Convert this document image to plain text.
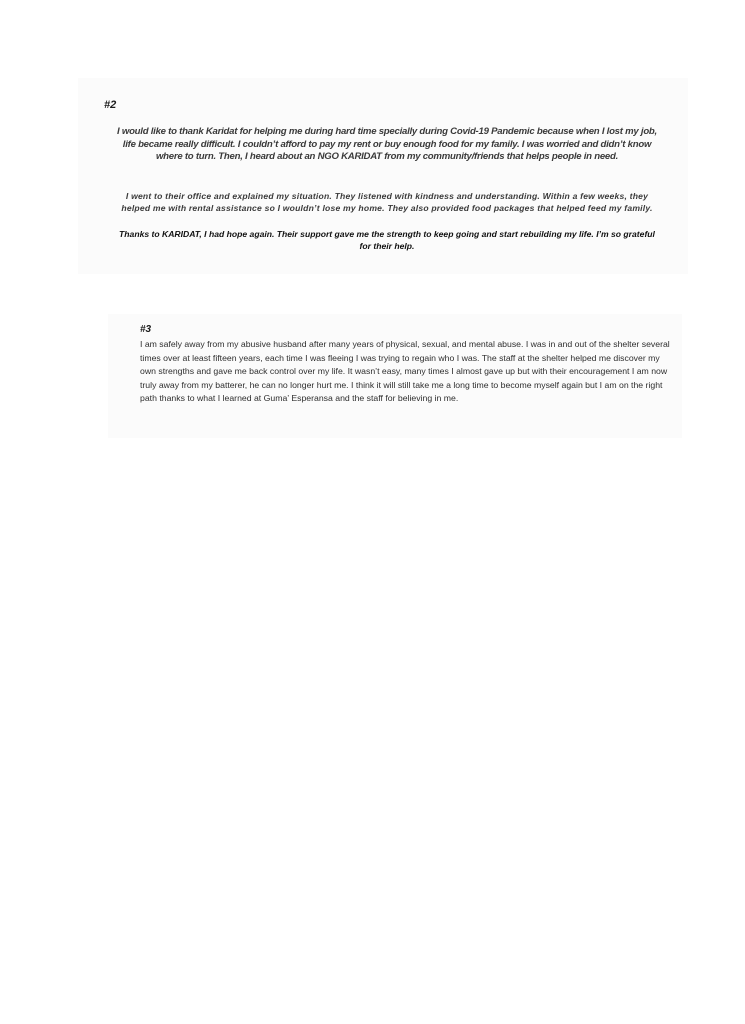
#2
I would like to thank Karidat for helping me during hard time specially during Covid-19 Pandemic because when I lost my job, life became really difficult. I couldn’t afford to pay my rent or buy enough food for my family. I was worried and didn’t know where to turn. Then, I heard about an NGO KARIDAT from my community/friends that helps people in need.
I went to their office and explained my situation. They listened with kindness and understanding. Within a few weeks, they helped me with rental assistance so I wouldn’t lose my home. They also provided food packages that helped feed my family.
Thanks to KARIDAT, I had hope again. Their support gave me the strength to keep going and start rebuilding my life. I’m so grateful for their help.
#3
I am safely away from my abusive husband after many years of physical, sexual, and mental abuse. I was in and out of the shelter several times over at least fifteen years, each time I was fleeing I was trying to regain who I was. The staff at the shelter helped me discover my own strengths and gave me back control over my life. It wasn’t easy, many times I almost gave up but with their encouragement I am now truly away from my batterer, he can no longer hurt me. I think it will still take me a long time to become myself again but I am on the right path thanks to what I learned at Guma’ Esperansa and the staff for believing in me.
